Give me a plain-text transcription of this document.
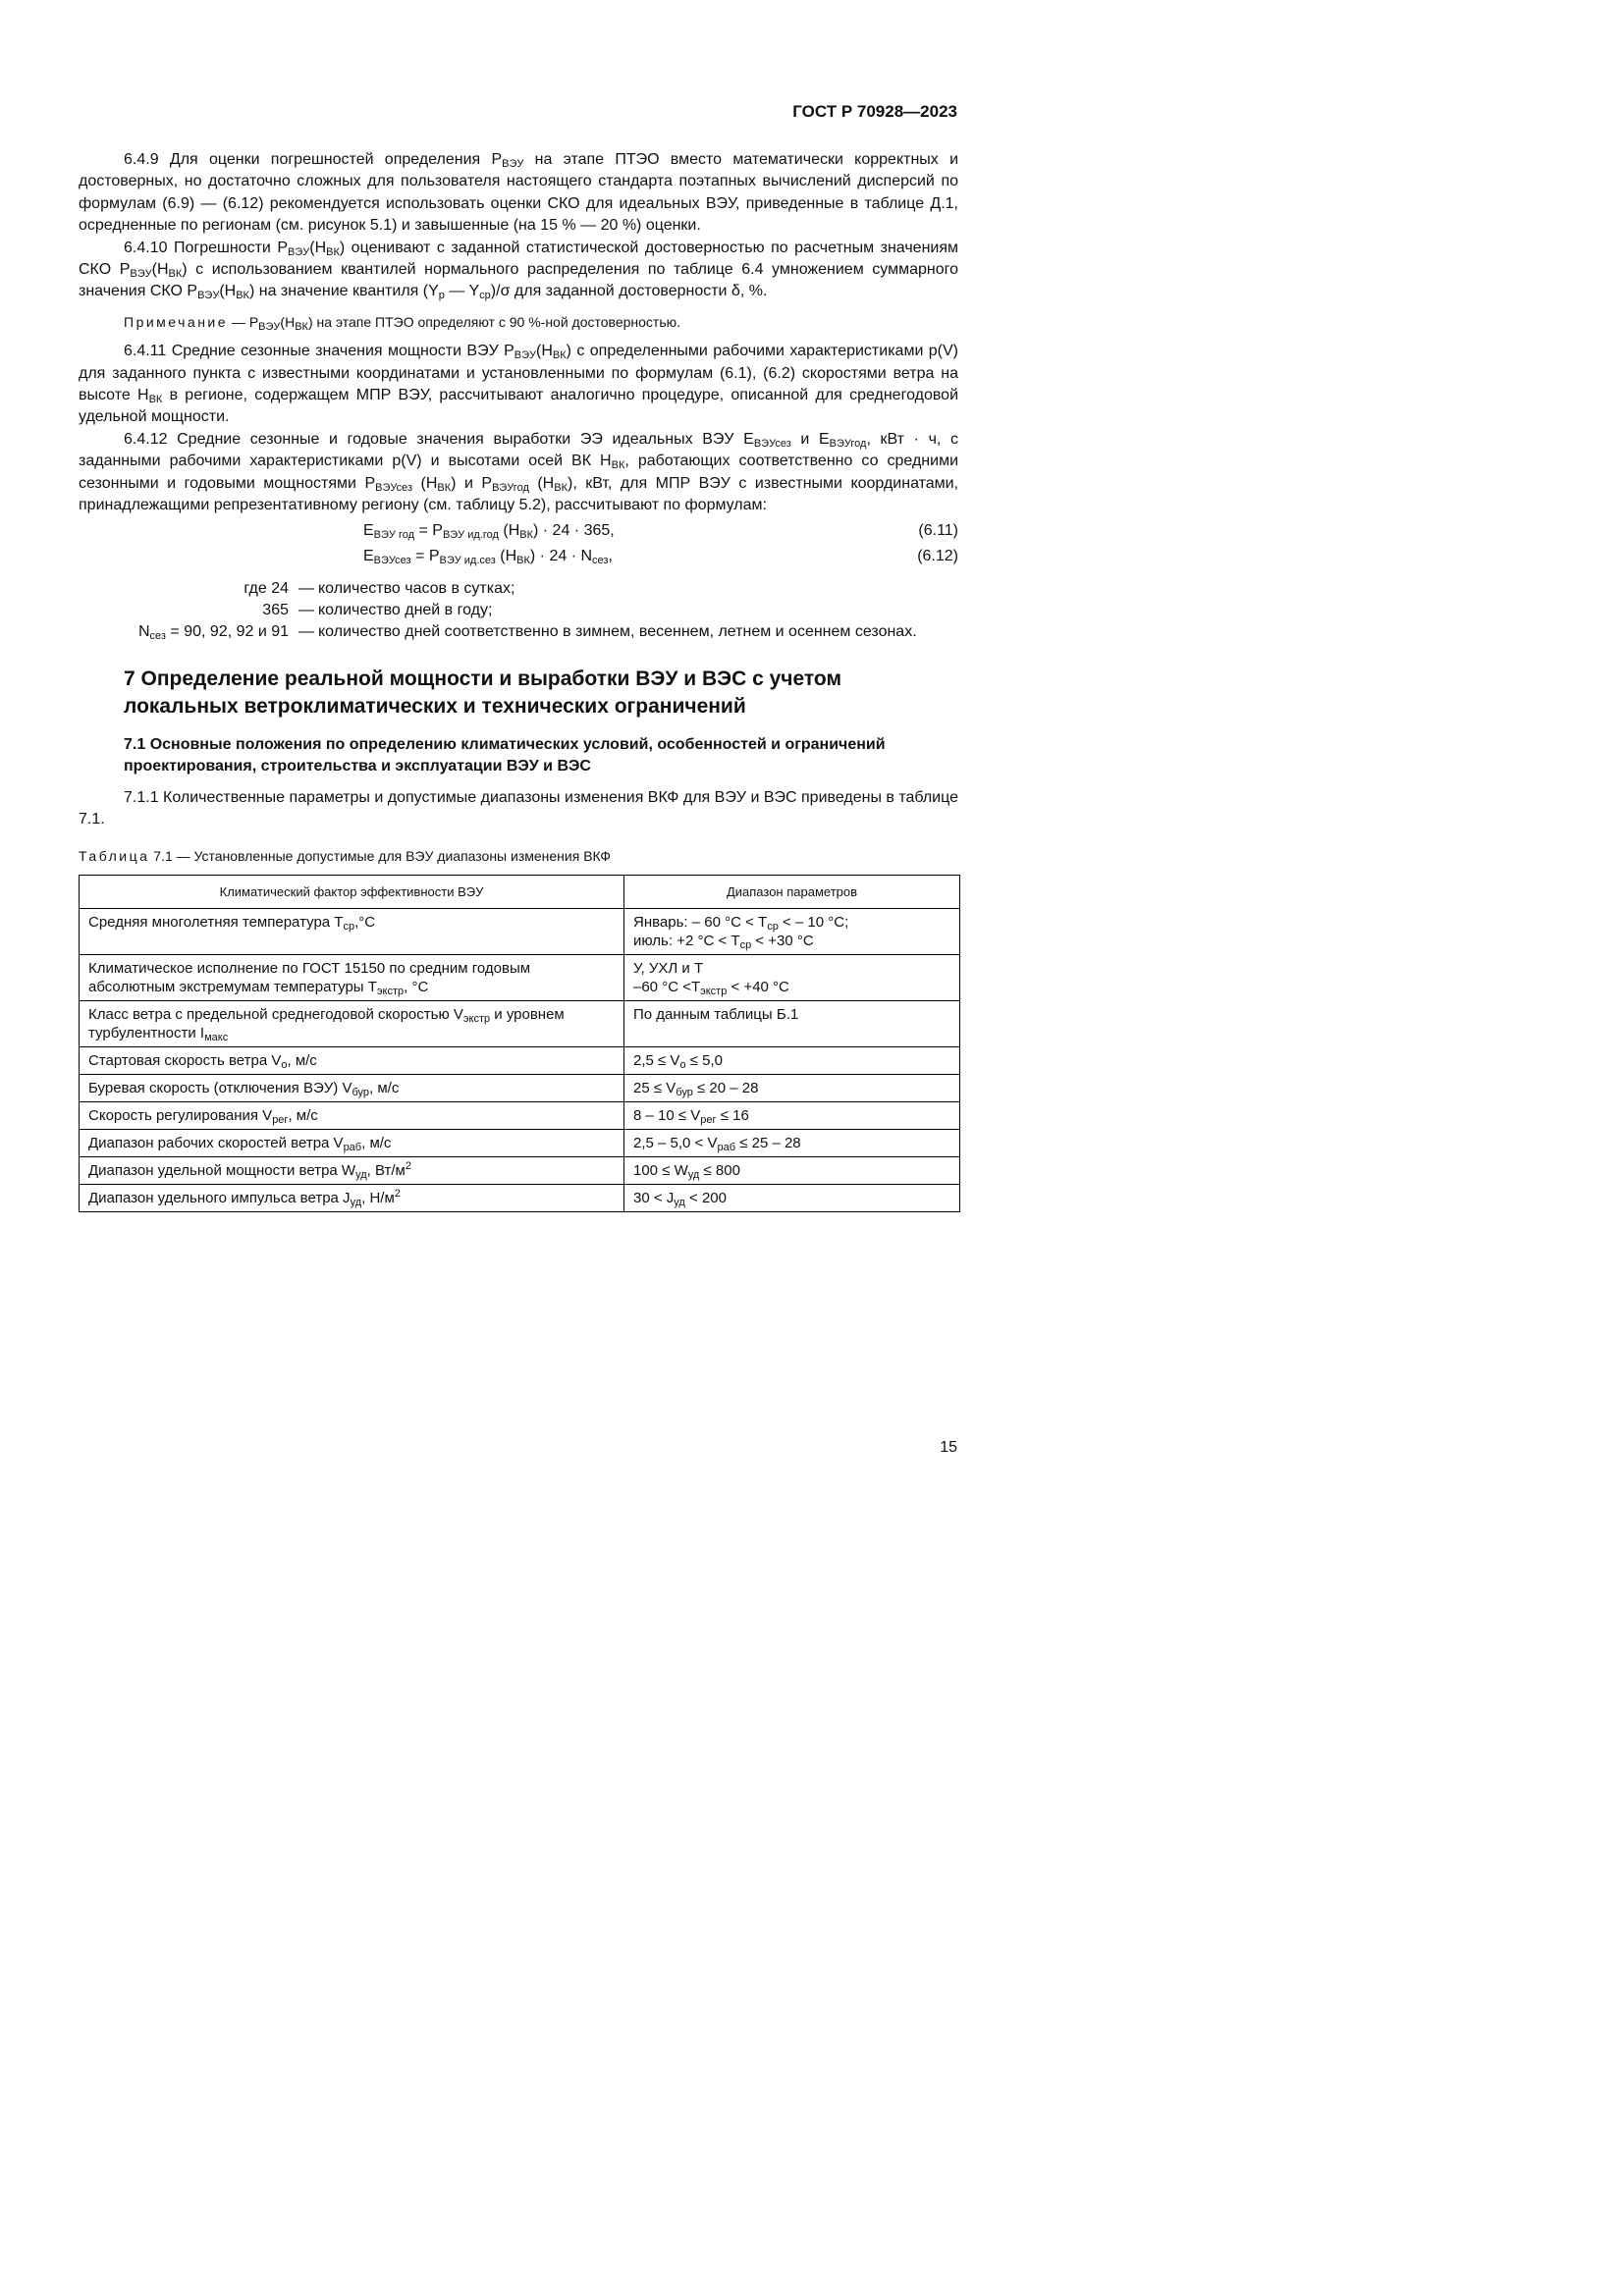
ГОСТ Р 70928—2023

6.4.9 Для оценки погрешностей определения $P_{ВЭУ}$ на этапе ПТЭО вместо математически корректных и достоверных, но достаточно сложных для пользователя настоящего стандарта поэтапных вычислений дисперсий по формулам (6.9) — (6.12) рекомендуется использовать оценки СКО для идеальных ВЭУ, приведенные в таблице Д.1, осредненные по регионам (см. рисунок 5.1) и завышенные (на 15 % — 20 %) оценки.

6.4.10 Погрешности $P_{ВЭУ}(H_{ВК})$ оценивают с заданной статистической достоверностью по расчетным значениям СКО $P_{ВЭУ}(H_{ВК})$ с использованием квантилей нормального распределения по таблице 6.4 умножением суммарного значения СКО $P_{ВЭУ}(H_{ВК})$ на значение квантиля ($Y_p$ — $Y_{ср})/\sigma$ для заданной достоверности δ, %.

Примечание — $P_{ВЭУ}(H_{ВК})$ на этапе ПТЭО определяют с 90 %-ной достоверностью.

6.4.11 Средние сезонные значения мощности ВЭУ $P_{ВЭУ}(H_{ВК})$ с определенными рабочими характеристиками p(V) для заданного пункта с известными координатами и установленными по формулам (6.1), (6.2) скоростями ветра на высоте $H_{ВК}$ в регионе, содержащем МПР ВЭУ, рассчитывают аналогично процедуре, описанной для среднегодовой удельной мощности.

6.4.12 Средние сезонные и годовые значения выработки ЭЭ идеальных ВЭУ $E_{ВЭУсез}$ и $E_{ВЭУгод}$, кВт · ч, с заданными рабочими характеристиками p(V) и высотами осей ВК $H_{ВК}$, работающих соответственно со средними сезонными и годовыми мощностями $P_{ВЭУсез}$ $(H_{ВК})$ и $P_{ВЭУгод}$ $(H_{ВК})$, кВт, для МПР ВЭУ с известными координатами, принадлежащими репрезентативному региону (см. таблицу 5.2), рассчитывают по формулам:

$E_{ВЭУ год} = P_{ВЭУ ид.год}$ $(H_{ВК}) \cdot 24 \cdot 365$,	(6.11)
$E_{ВЭУсез} = P_{ВЭУ ид.сез}$ $(H_{ВК}) \cdot 24 \cdot N_{сез}$,	(6.12)
где 24 — количество часов в сутках;
365 — количество дней в году;
$N_{сез} = 90$, 92, 92 и 91 — количество дней соответственно в зимнем, весеннем, летнем и осеннем сезонах.
7 Определение реальной мощности и выработки ВЭУ и ВЭС с учетом локальных ветроклиматических и технических ограничений
7.1 Основные положения по определению климатических условий, особенностей и ограничений проектирования, строительства и эксплуатации ВЭУ и ВЭС

7.1.1 Количественные параметры и допустимые диапазоны изменения ВКФ для ВЭУ и ВЭС приведены в таблице 7.1.

Таблица 7.1 — Установленные допустимые для ВЭУ диапазоны изменения ВКФ
Климатический фактор эффективности ВЭУ	Диапазон параметров
Средняя многолетняя температура $T_{ср},^\circ С$	Январь: – 60 $^\circ С < T_{ср}$ < – 10 °С;
июль: +2 $^\circ С < T_{ср} < +30$ °С
Климатическое исполнение по ГОСТ 15150 по средним годовым абсолютным экстремумам температуры $T_{экстр}$, °С	У, УХЛ и T
–60 $^\circ С <T_{экстр} < +40$ °С
Класс ветра с предельной среднегодовой скоростью $V_{экстр}$ и уровнем турбулентности $I_{макс}$	По данным таблицы Б.1
Стартовая скорость ветра $V_о$, м/с	$2,5 \le V_о \le 5,0$
Буревая скорость (отключения ВЭУ) $V_{бур}$, м/с	$25 \le V_{бур} \le 20 - 28$
Скорость регулирования $V_{рег}$, м/с	$8 - 10 \le V_{рег} \le 16$
Диапазон рабочих скоростей ветра $V_{раб}$, м/с	$2,5 - 5,0 < V_{раб} \le 25 - 28$
Диапазон удельной мощности ветра $W_{уд}$, $Вт/м^2$	$100 \le W_{уд} \le 800$
Диапазон удельного импульса ветра $J_{уд}$, $Н/м^2$	$30 < J_{уд} < 200$
15
